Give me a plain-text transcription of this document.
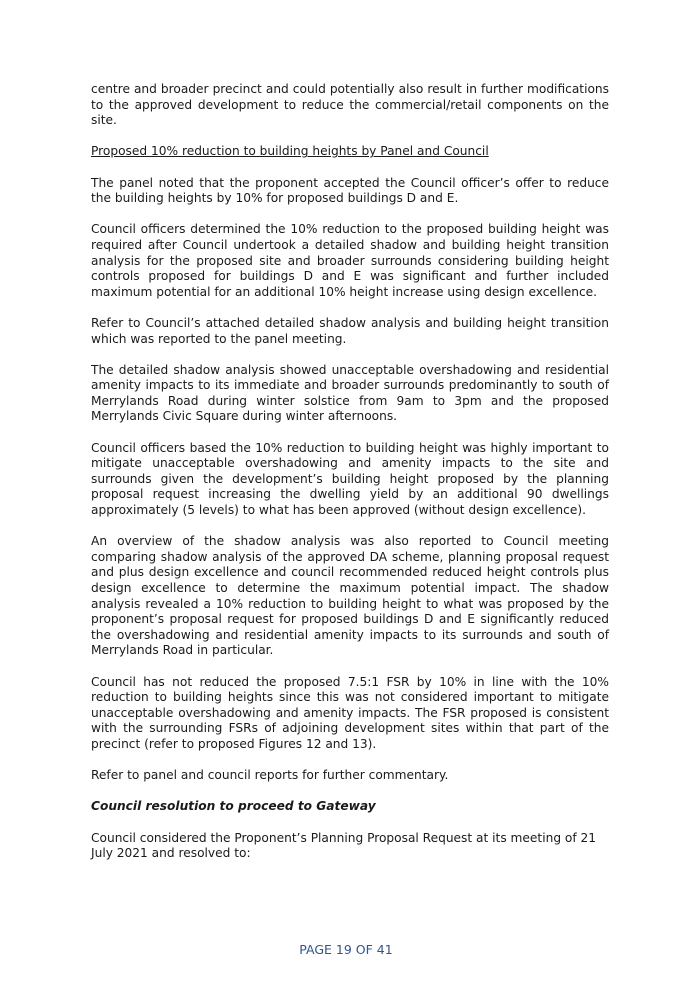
centre and broader precinct and could potentially also result in further modifications to the approved development to reduce the commercial/retail components on the site.

Proposed 10% reduction to building heights by Panel and Council

The panel noted that the proponent accepted the Council officer’s offer to reduce the building heights by 10% for proposed buildings D and E.

Council officers determined the 10% reduction to the proposed building height was required after Council undertook a detailed shadow and building height transition analysis for the proposed site and broader surrounds considering building height controls proposed for buildings D and E was significant and further included maximum potential for an additional 10% height increase using design excellence.

Refer to Council’s attached detailed shadow analysis and building height transition which was reported to the panel meeting.

The detailed shadow analysis showed unacceptable overshadowing and residential amenity impacts to its immediate and broader surrounds predominantly to south of Merrylands Road during winter solstice from 9am to 3pm and the proposed Merrylands Civic Square during winter afternoons.

Council officers based the 10% reduction to building height was highly important to mitigate unacceptable overshadowing and amenity impacts to the site and surrounds given the development’s building height proposed by the planning proposal request increasing the dwelling yield by an additional 90 dwellings approximately (5 levels) to what has been approved (without design excellence).

An overview of the shadow analysis was also reported to Council meeting comparing shadow analysis of the approved DA scheme, planning proposal request and plus design excellence and council recommended reduced height controls plus design excellence to determine the maximum potential impact. The shadow analysis revealed a 10% reduction to building height to what was proposed by the proponent’s proposal request for proposed buildings D and E significantly reduced the overshadowing and residential amenity impacts to its surrounds and south of Merrylands Road in particular.

Council has not reduced the proposed 7.5:1 FSR by 10% in line with the 10% reduction to building heights since this was not considered important to mitigate unacceptable overshadowing and amenity impacts. The FSR proposed is consistent with the surrounding FSRs of adjoining development sites within that part of the precinct (refer to proposed Figures 12 and 13).

Refer to panel and council reports for further commentary.

Council resolution to proceed to Gateway

Council considered the Proponent’s Planning Proposal Request at its meeting of 21 July 2021 and resolved to:

PAGE 19 OF 41
